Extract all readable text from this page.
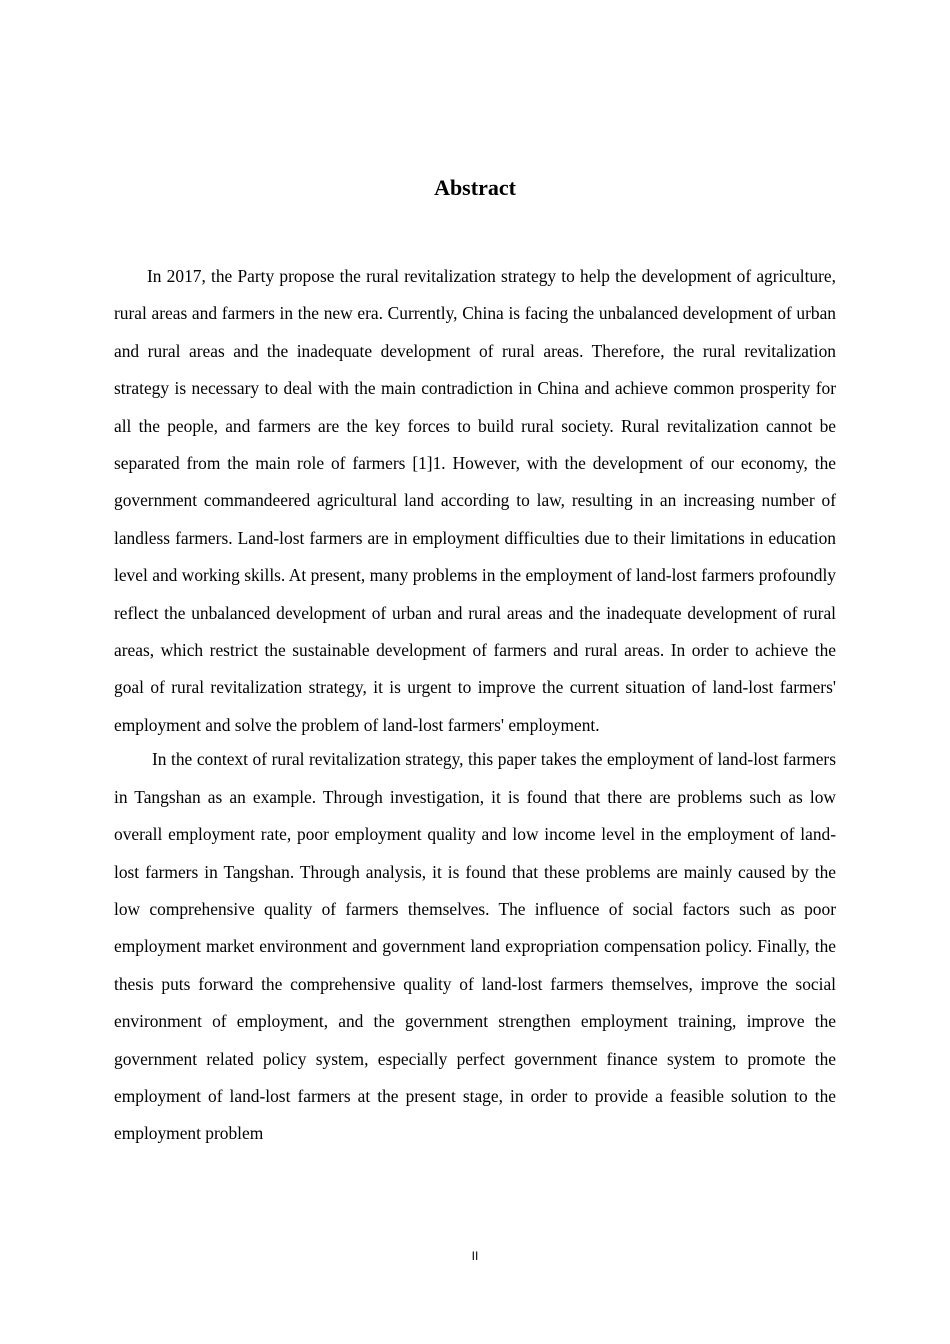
Abstract

In 2017, the Party propose the rural revitalization strategy to help the development of agriculture, rural areas and farmers in the new era. Currently, China is facing the unbalanced development of urban and rural areas and the inadequate development of rural areas. Therefore, the rural revitalization strategy is necessary to deal with the main contradiction in China and achieve common prosperity for all the people, and farmers are the key forces to build rural society. Rural revitalization cannot be separated from the main role of farmers [1]1. However, with the development of our economy, the government commandeered agricultural land according to law, resulting in an increasing number of landless farmers. Land-lost farmers are in employment difficulties due to their limitations in education level and working skills. At present, many problems in the employment of land-lost farmers profoundly reflect the unbalanced development of urban and rural areas and the inadequate development of rural areas, which restrict the sustainable development of farmers and rural areas. In order to achieve the goal of rural revitalization strategy, it is urgent to improve the current situation of land-lost farmers' employment and solve the problem of land-lost farmers' employment.

In the context of rural revitalization strategy, this paper takes the employment of land-lost farmers in Tangshan as an example. Through investigation, it is found that there are problems such as low overall employment rate, poor employment quality and low income level in the employment of land-lost farmers in Tangshan. Through analysis, it is found that these problems are mainly caused by the low comprehensive quality of farmers themselves. The influence of social factors such as poor employment market environment and government land expropriation compensation policy. Finally, the thesis puts forward the comprehensive quality of land-lost farmers themselves, improve the social environment of employment, and the government strengthen employment training, improve the government related policy system, especially perfect government finance system to promote the employment of land-lost farmers at the present stage, in order to provide a feasible solution to the employment problem

II
